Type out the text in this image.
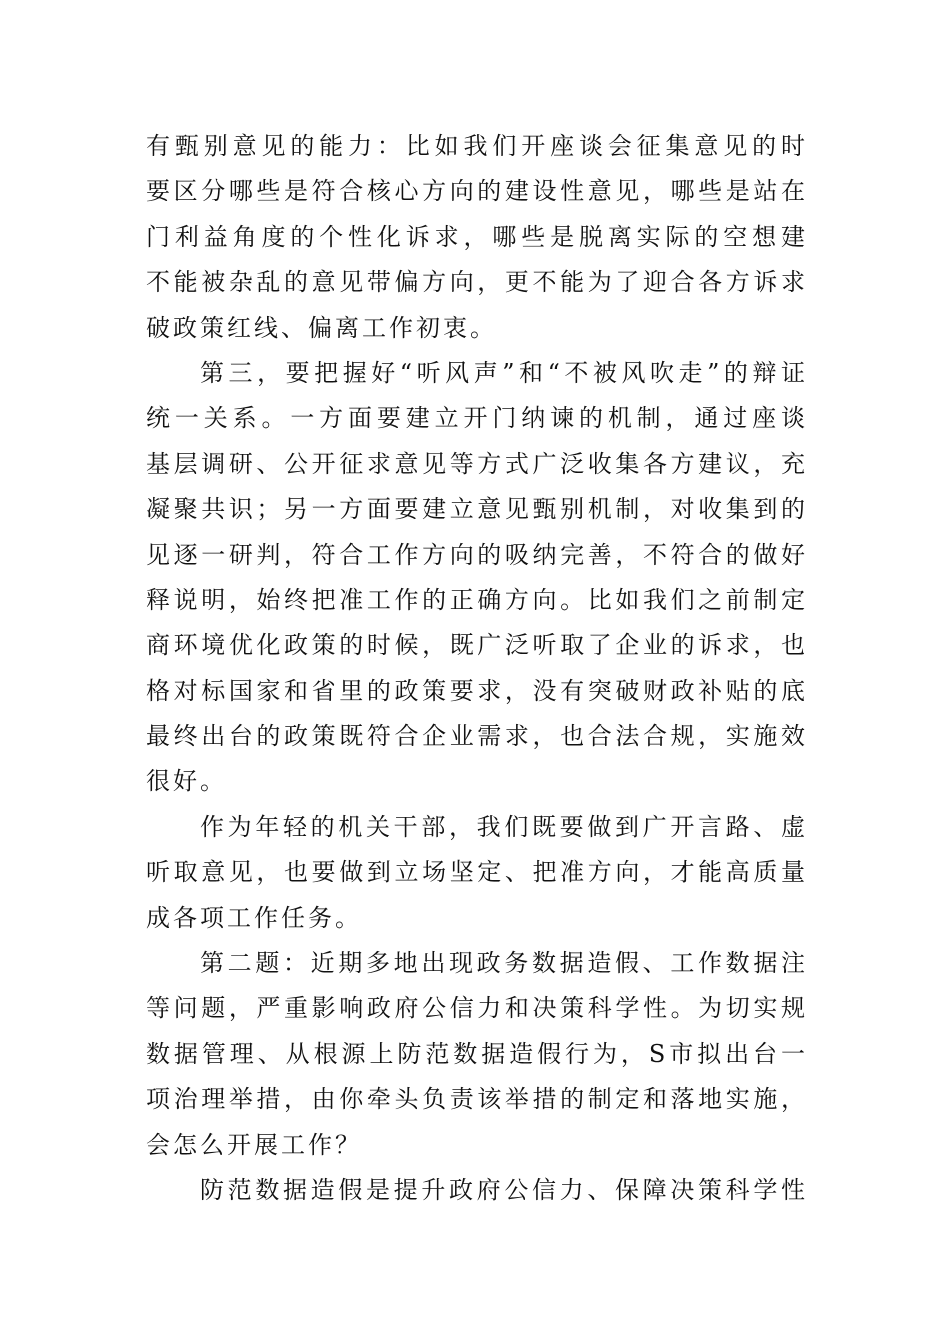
有甄别意见的能力：比如我们开座谈会征集意见的时
要区分哪些是符合核心方向的建设性意见，哪些是站在
门利益角度的个性化诉求，哪些是脱离实际的空想建
不能被杂乱的意见带偏方向，更不能为了迎合各方诉求
破政策红线、偏离工作初衷。
第三，要把握好“听风声”和“不被风吹走”的辩证
统一关系。一方面要建立开门纳谏的机制，通过座谈
基层调研、公开征求意见等方式广泛收集各方建议，充
凝聚共识；另一方面要建立意见甄别机制，对收集到的
见逐一研判，符合工作方向的吸纳完善，不符合的做好
释说明，始终把准工作的正确方向。比如我们之前制定
商环境优化政策的时候，既广泛听取了企业的诉求，也
格对标国家和省里的政策要求，没有突破财政补贴的底
最终出台的政策既符合企业需求，也合法合规，实施效
很好。
作为年轻的机关干部，我们既要做到广开言路、虚
听取意见，也要做到立场坚定、把准方向，才能高质量
成各项工作任务。
第二题：近期多地出现政务数据造假、工作数据注
等问题，严重影响政府公信力和决策科学性。为切实规
数据管理、从根源上防范数据造假行为，S市拟出台一
项治理举措，由你牵头负责该举措的制定和落地实施，
会怎么开展工作？
防范数据造假是提升政府公信力、保障决策科学性
